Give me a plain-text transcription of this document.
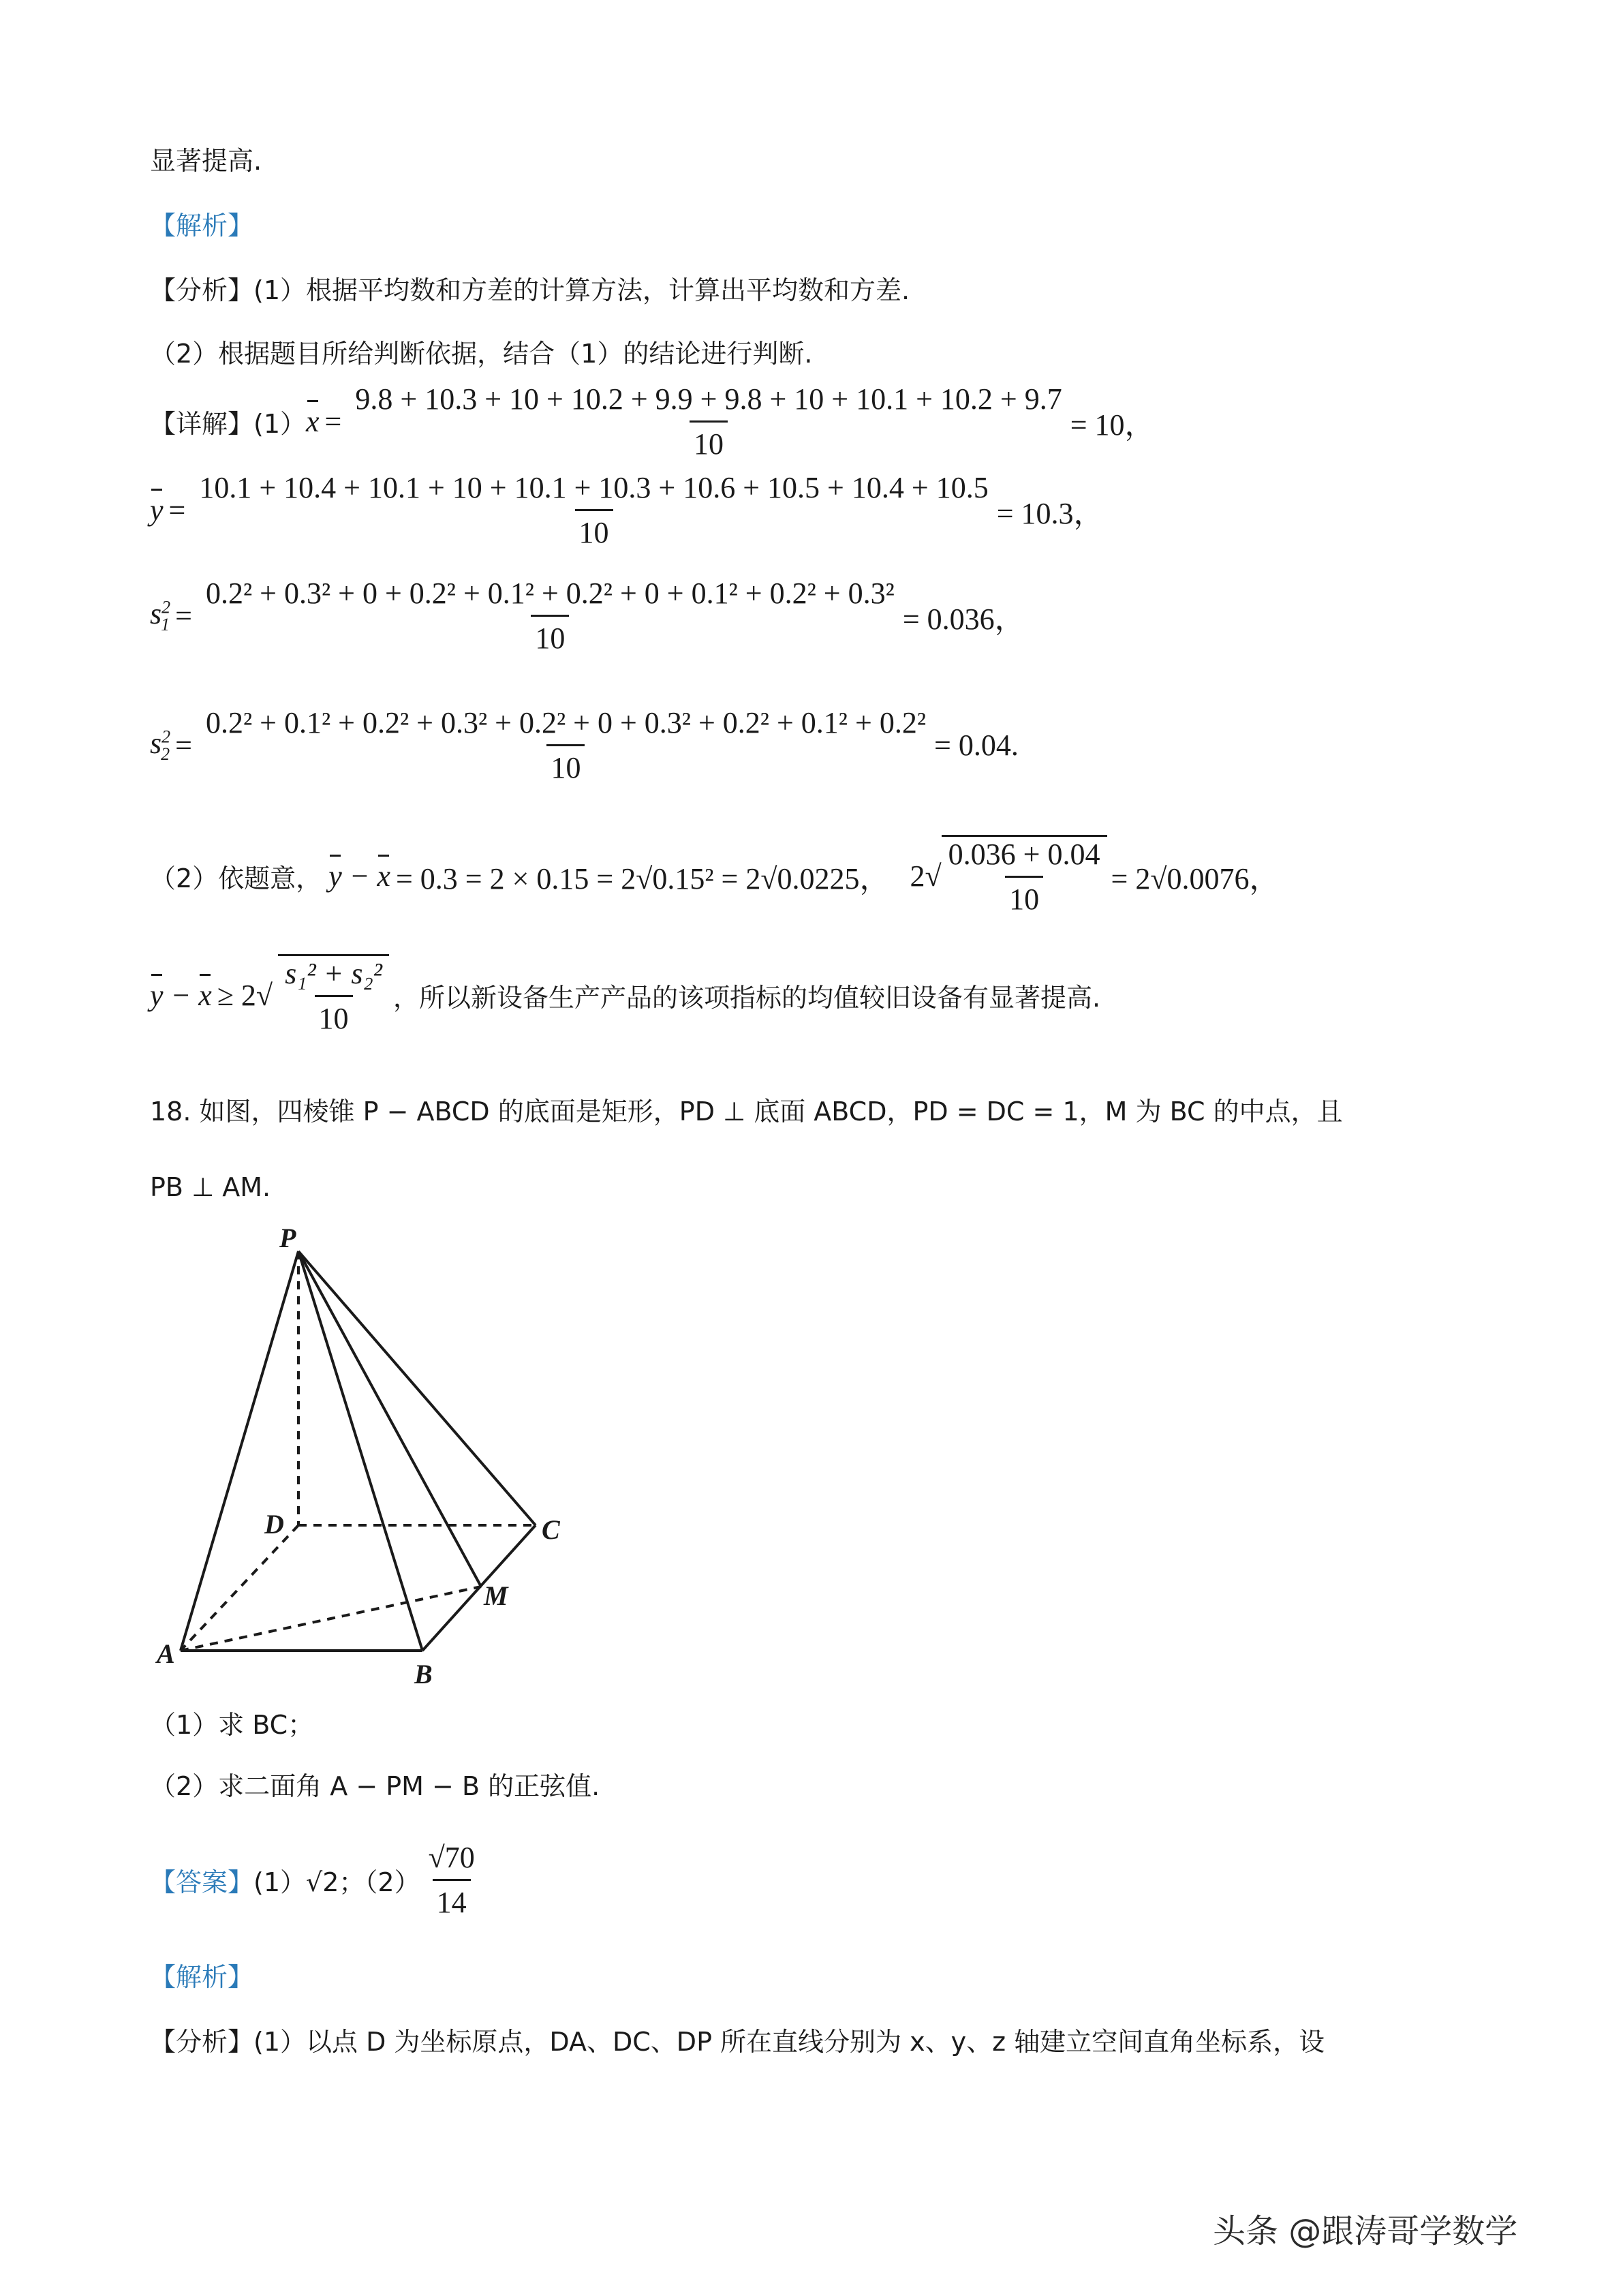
显著提高.
【解析】
【分析】(1）根据平均数和方差的计算方法，计算出平均数和方差.
（2）根据题目所给判断依据，结合（1）的结论进行判断.
【详解】(1） $x = \frac{9.8 + 10.3 + 10 + 10.2 + 9.9 + 9.8 + 10 + 10.1 + 10.2 + 9.7}{10} = 10$，
y =
10.1 + 10.4 + 10.1 + 10 + 10.1 + 10.3 + 10.6 + 10.5 + 10.4 + 10.5
10
= 10.3，
$s^2_1$ =
0.2² + 0.3² + 0 + 0.2² + 0.1² + 0.2² + 0 + 0.1² + 0.2² + 0.3²
10
= 0.036，
$s^2_2$ =
0.2² + 0.1² + 0.2² + 0.3² + 0.2² + 0 + 0.3² + 0.2² + 0.1² + 0.2²
10
= 0.04.
（2）依题意， y − x = 0.3 = 2 × 0.15 = 2√0.15² = 2√0.0225， $2√ \frac{0.036 + 0.04}{10} = 2√0.0076$，
$y - x \ge 2√ \frac{\text{s₁² + s₂²}}{10}$ ，所以新设备生产产品的该项指标的均值较旧设备有显著提高.
18. 如图，四棱锥 P − ABCD 的底面是矩形，PD ⊥ 底面 ABCD，PD = DC = 1，M 为 BC 的中点，且
PB ⊥ AM.
P
D	C
M
A
B
（1）求 BC；
（2）求二面角 A − PM − B 的正弦值.
【答案】 (1）√2；$(2) \frac{√70}{14}$
【解析】
【分析】(1）以点 D 为坐标原点，DA、DC、DP 所在直线分别为 x、y、z 轴建立空间直角坐标系，设
头条 @跟涛哥学数学
